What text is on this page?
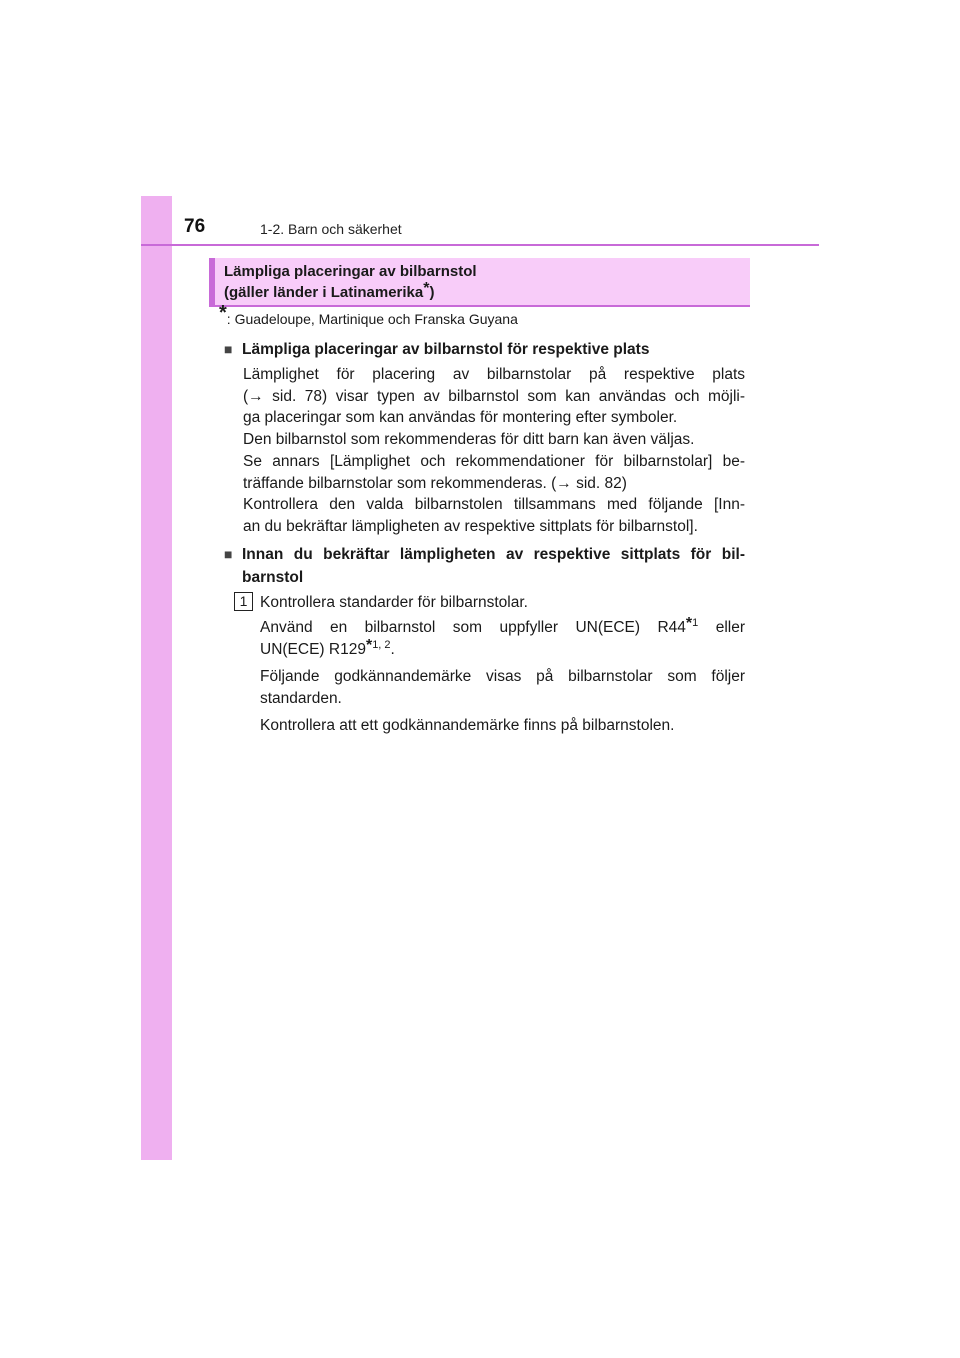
76	1-2. Barn och säkerhet
Lämpliga placeringar av bilbarnstol
(gäller länder i Latinamerika*)
*: Guadeloupe, Martinique och Franska Guyana
■ Lämpliga placeringar av bilbarnstol för respektive plats

Lämplighet för placering av bilbarnstolar på respektive plats

(→ sid. 78) visar typen av bilbarnstol som kan användas och möjli-

ga placeringar som kan användas för montering efter symboler.

Den bilbarnstol som rekommenderas för ditt barn kan även väljas.

Se annars [Lämplighet och rekommendationer för bilbarnstolar] be-

träffande bilbarnstolar som rekommenderas. (→ sid. 82)

Kontrollera den valda bilbarnstolen tillsammans med följande [Inn-

an du bekräftar lämpligheten av respektive sittplats för bilbarnstol].

■ Innan du bekräftar lämpligheten av respektive sittplats för bil-
barnstol
1 Kontrollera standarder för bilbarnstolar.

Använd en bilbarnstol som uppfyller UN(ECE) R44$^{*1}$ eller

UN(ECE) R129$^{*1, 2}$.

Följande godkännandemärke visas på bilbarnstolar som följer

standarden.

Kontrollera att ett godkännandemärke finns på bilbarnstolen.
